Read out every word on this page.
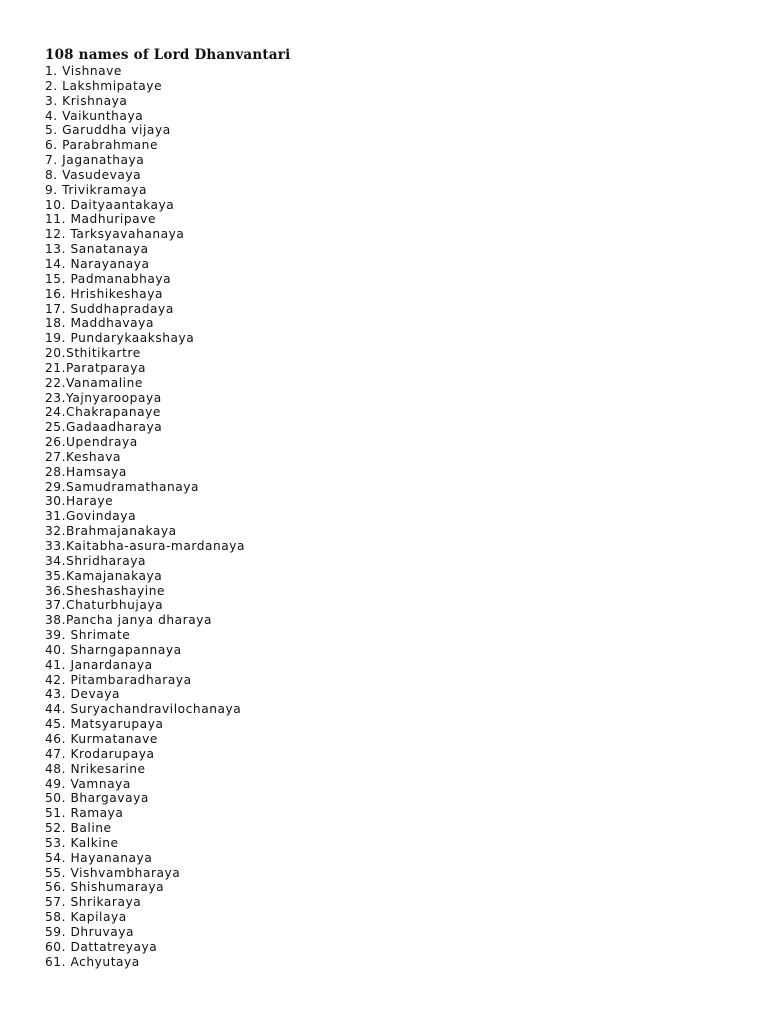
108 names of Lord Dhanvantari
1. Vishnave
2. Lakshmipataye
3. Krishnaya
4. Vaikunthaya
5. Garuddha vijaya
6. Parabrahmane
7. Jaganathaya
8. Vasudevaya
9. Trivikramaya
10. Daityaantakaya
11. Madhuripave
12. Tarksyavahanaya
13. Sanatanaya
14. Narayanaya
15. Padmanabhaya
16. Hrishikeshaya
17. Suddhapradaya
18. Maddhavaya
19. Pundarykaakshaya
20.Sthitikartre
21.Paratparaya
22.Vanamaline
23.Yajnyaroopaya
24.Chakrapanaye
25.Gadaadharaya
26.Upendraya
27.Keshava
28.Hamsaya
29.Samudramathanaya
30.Haraye
31.Govindaya
32.Brahmajanakaya
33.Kaitabha-asura-mardanaya
34.Shridharaya
35.Kamajanakaya
36.Sheshashayine
37.Chaturbhujaya
38.Pancha janya dharaya
39. Shrimate
40. Sharngapannaya
41. Janardanaya
42. Pitambaradharaya
43. Devaya
44. Suryachandravilochanaya
45. Matsyarupaya
46. Kurmatanave
47. Krodarupaya
48. Nrikesarine
49. Vamnaya
50. Bhargavaya
51. Ramaya
52. Baline
53. Kalkine
54. Hayananaya
55. Vishvambharaya
56. Shishumaraya
57. Shrikaraya
58. Kapilaya
59. Dhruvaya
60. Dattatreyaya
61. Achyutaya
